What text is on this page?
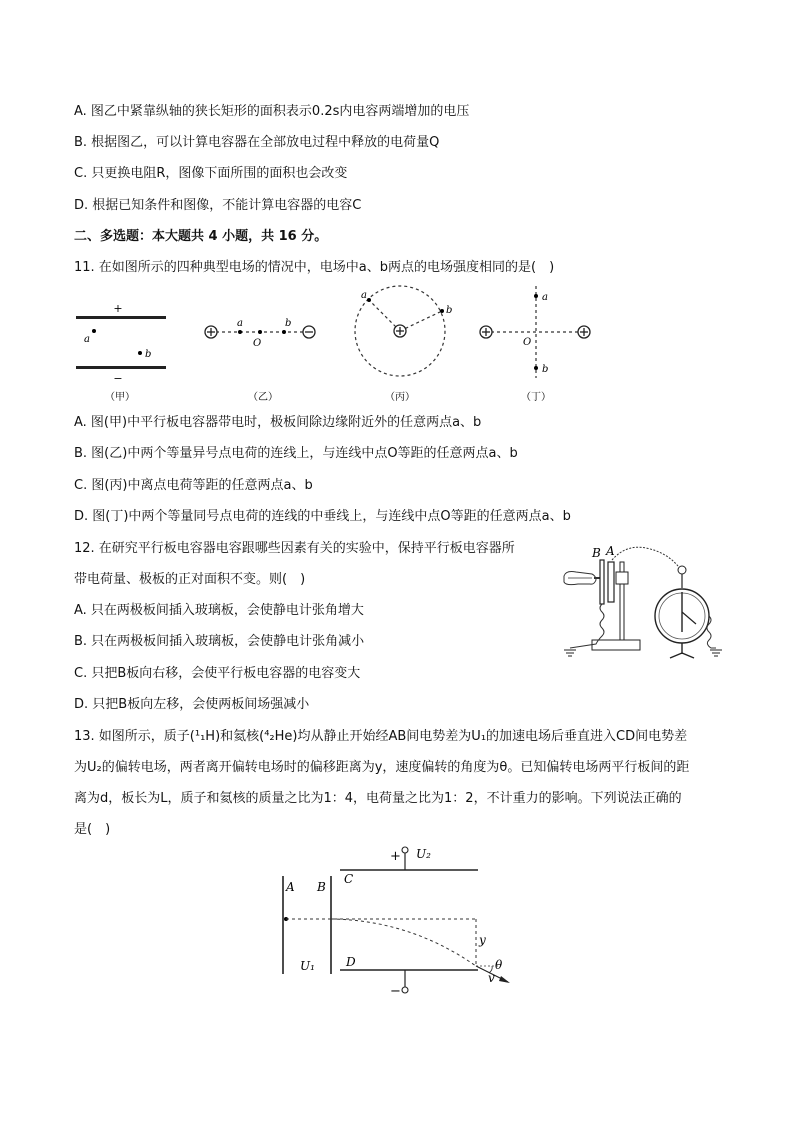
A. 图乙中紧靠纵轴的狭长矩形的面积表示0.2s内电容两端增加的电压
B. 根据图乙，可以计算电容器在全部放电过程中释放的电荷量Q
C. 只更换电阻R，图像下面所围的面积也会改变
D. 根据已知条件和图像，不能计算电容器的电容C
二、多选题：本大题共 4 小题，共 16 分。
11. 在如图所示的四种典型电场的情况中，电场中a、b两点的电场强度相同的是(　)
+
−
a
b
（甲）
a	b
O
（乙）
a
b
（丙）
a
b
O
（丁）
A. 图(甲)中平行板电容器带电时，极板间除边缘附近外的任意两点a、b
B. 图(乙)中两个等量异号点电荷的连线上，与连线中点O等距的任意两点a、b
C. 图(丙)中离点电荷等距的任意两点a、b
D. 图(丁)中两个等量同号点电荷的连线的中垂线上，与连线中点O等距的任意两点a、b
12. 在研究平行板电容器电容跟哪些因素有关的实验中，保持平行板电容器所
带电荷量、极板的正对面积不变。则(　)
A. 只在两极板间插入玻璃板，会使静电计张角增大
B. 只在两极板间插入玻璃板，会使静电计张角减小
C. 只把B板向右移，会使平行板电容器的电容变大
D. 只把B板向左移，会使两板间场强减小
B A
13. 如图所示，质子(¹₁H)和氦核(⁴₂He)均从静止开始经AB间电势差为U₁的加速电场后垂直进入CD间电势差
为U₂的偏转电场，两者离开偏转电场时的偏移距离为y，速度偏转的角度为θ。已知偏转电场两平行板间的距
离为d，板长为L，质子和氦核的质量之比为1：4，电荷量之比为1：2，不计重力的影响。下列说法正确的
是(　)
A B
U₁
C
D
+ U₂
−
y
θ
v
